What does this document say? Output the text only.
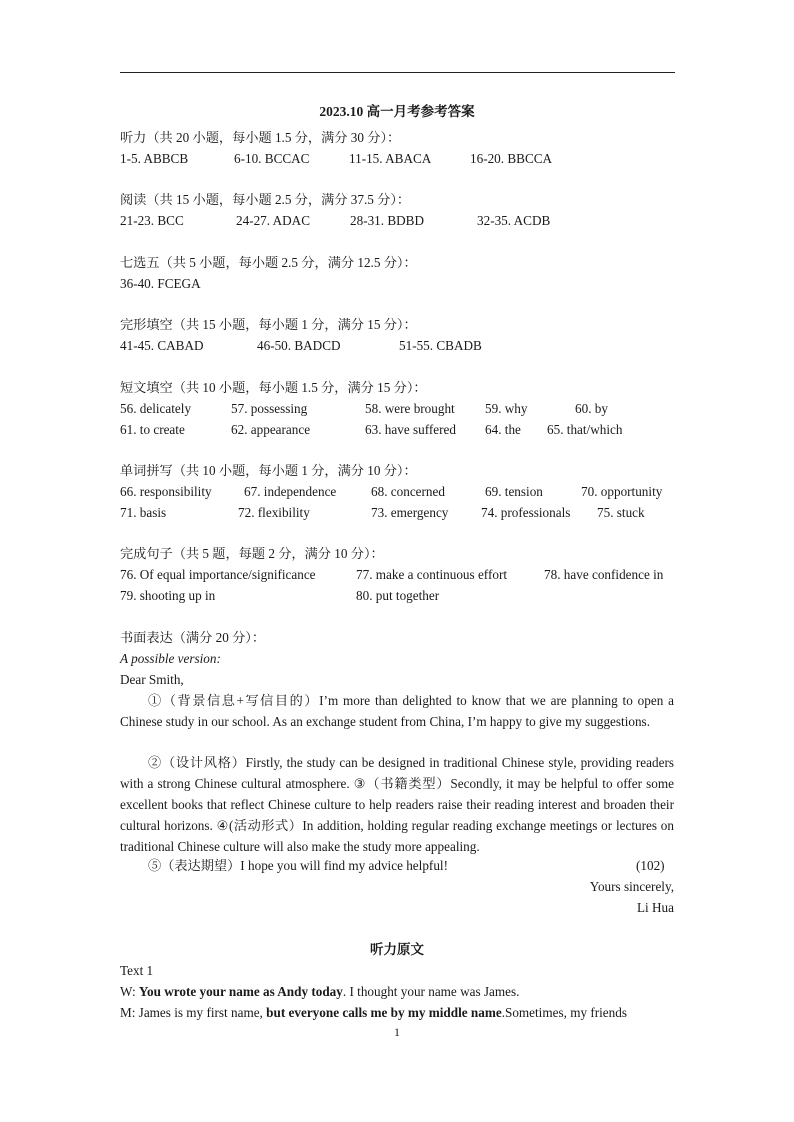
2023.10 高一月考参考答案
听力（共 20 小题，每小题 1.5 分，满分 30 分）：
1-5. ABBCB	6-10. BCCAC	11-15. ABACA	16-20. BBCCA
阅读（共 15 小题，每小题 2.5 分，满分 37.5 分）：
21-23. BCC	24-27. ADAC	28-31. BDBD	32-35. ACDB
七选五（共 5 小题，每小题 2.5 分，满分 12.5 分）：
36-40. FCEGA
完形填空（共 15 小题，每小题 1 分，满分 15 分）：
41-45. CABAD	46-50. BADCD	51-55. CBADB
短文填空（共 10 小题，每小题 1.5 分，满分 15 分）：
56. delicately	57. possessing	58. were brought 59. why	60. by
61. to create	62. appearance	63. have suffered 64. the 65. that/which
单词拼写（共 10 小题，每小题 1 分，满分 10 分）：
66. responsibility 67. independence	68. concerned	69. tension	70. opportunity
71. basis	72. flexibility	73. emergency 74. professionals 75. stuck
完成句子（共 5 题，每题 2 分，满分 10 分）：
76. Of equal importance/significance	77. make a continuous effort	78. have confidence in
79. shooting up in	80. put together
书面表达（满分 20 分）：
A possible version:
Dear Smith,
①（背景信息+写信目的）I’m more than delighted to know that we are planning to open a Chinese study in our school. As an exchange student from China, I’m happy to give my suggestions.
②（设计风格）Firstly, the study can be designed in traditional Chinese style, providing readers with a strong Chinese cultural atmosphere. ③（书籍类型）Secondly, it may be helpful to offer some excellent books that reflect Chinese culture to help readers raise their reading interest and broaden their cultural horizons. ④(活动形式）In addition, holding regular reading exchange meetings or lectures on traditional Chinese culture will also make the study more appealing.
⑤（表达期望）I hope you will find my advice helpful!	(102)
Yours sincerely,
Li Hua
听力原文
Text 1
W: You wrote your name as Andy today. I thought your name was James.
M: James is my first name, but everyone calls me by my middle name.Sometimes, my friends
1
